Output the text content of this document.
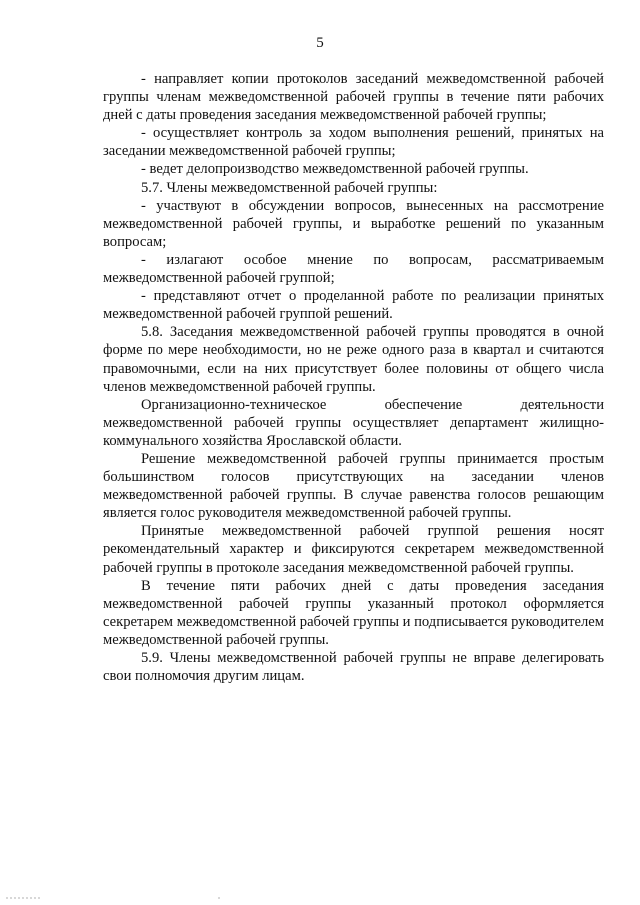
5

- направляет копии протоколов заседаний межведомственной рабочей группы членам межведомственной рабочей группы в течение пяти рабочих дней с даты проведения заседания межведомственной рабочей группы;

- осуществляет контроль за ходом выполнения решений, принятых на заседании межведомственной рабочей группы;

- ведет делопроизводство межведомственной рабочей группы.

5.7. Члены межведомственной рабочей группы:

- участвуют в обсуждении вопросов, вынесенных на рассмотрение межведомственной рабочей группы, и выработке решений по указанным вопросам;

- излагают особое мнение по вопросам, рассматриваемым межведомственной рабочей группой;

- представляют отчет о проделанной работе по реализации принятых межведомственной рабочей группой решений.

5.8. Заседания межведомственной рабочей группы проводятся в очной форме по мере необходимости, но не реже одного раза в квартал и считаются правомочными, если на них присутствует более половины от общего числа членов межведомственной рабочей группы.

Организационно-техническое обеспечение деятельности межведомственной рабочей группы осуществляет департамент жилищно-коммунального хозяйства Ярославской области.

Решение межведомственной рабочей группы принимается простым большинством голосов присутствующих на заседании членов межведомственной рабочей группы. В случае равенства голосов решающим является голос руководителя межведомственной рабочей группы.

Принятые межведомственной рабочей группой решения носят рекомендательный характер и фиксируются секретарем межведомственной рабочей группы в протоколе заседания межведомственной рабочей группы.

В течение пяти рабочих дней с даты проведения заседания межведомственной рабочей группы указанный протокол оформляется секретарем межведомственной рабочей группы и подписывается руководителем межведомственной рабочей группы.

5.9. Члены межведомственной рабочей группы не вправе делегировать свои полномочия другим лицам.
